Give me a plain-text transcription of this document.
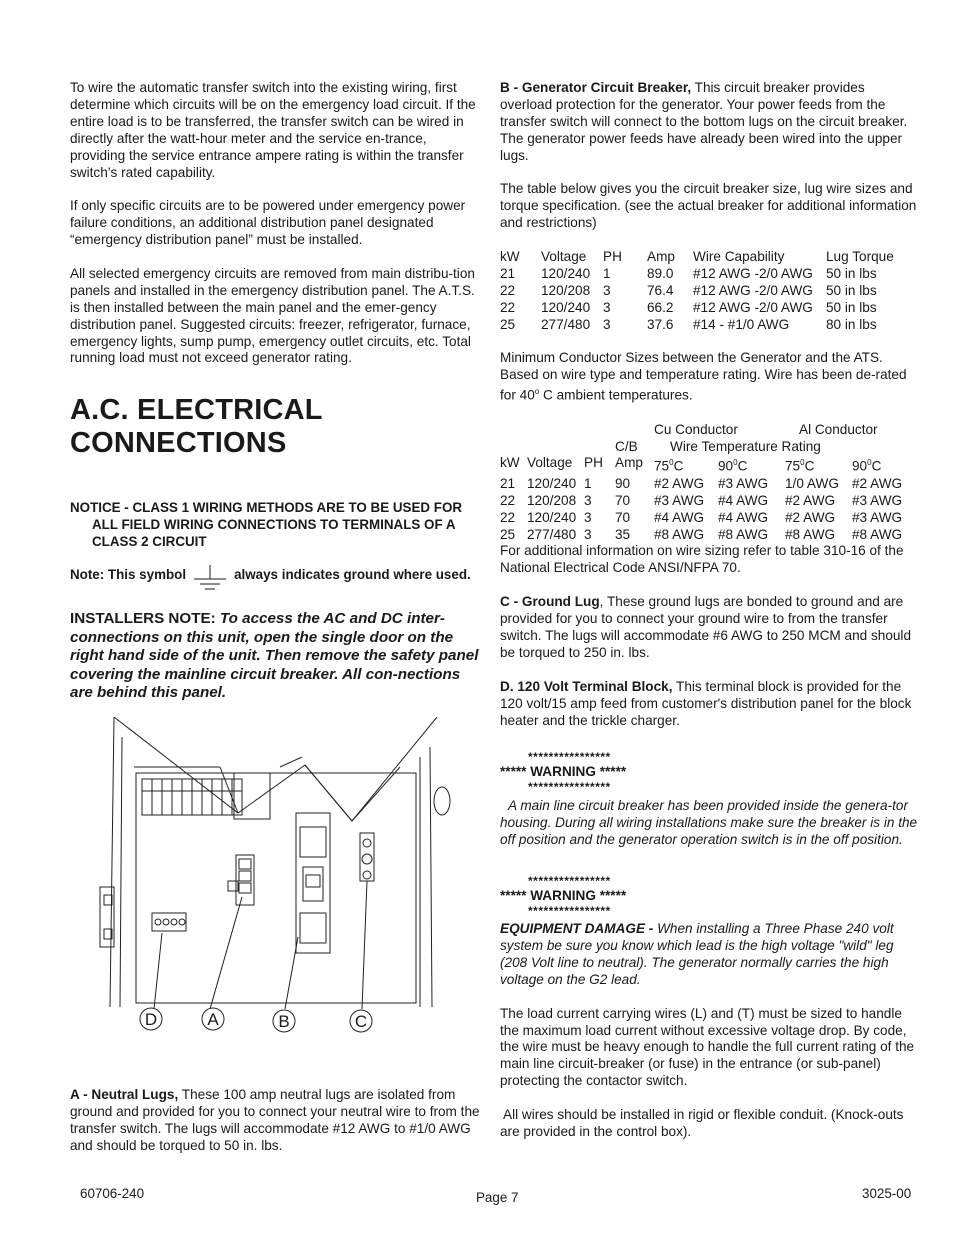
To wire the automatic transfer switch into the existing wiring, first determine which circuits will be on the emergency load circuit. If the entire load is to be transferred, the transfer switch can be wired in directly after the watt-hour meter and the service en-trance, providing the service entrance ampere rating is within the transfer switch’s rated capability.

If only specific circuits are to be powered under emergency power failure conditions, an additional distribution panel designated “emergency distribution panel” must be installed.

All selected emergency circuits are removed from main distribu-tion panels and installed in the emergency distribution panel. The A.T.S. is then installed between the main panel and the emer-gency distribution panel. Suggested circuits: freezer, refrigerator, furnace, emergency lights, sump pump, emergency outlet circuits, etc. Total running load must not exceed generator rating.

A.C. ELECTRICAL
CONNECTIONS

NOTICE - CLASS 1 WIRING METHODS ARE TO BE USED FOR ALL FIELD WIRING CONNECTIONS TO TERMINALS OF A CLASS 2 CIRCUIT

Note: This symbol	always indicates ground where used.

INSTALLERS NOTE: To access the AC and DC inter-connections on this unit, open the single door on the right hand side of the unit. Then remove the safety panel covering the mainline circuit breaker. All con-nections are behind this panel.

D	A	B	C

A - Neutral Lugs, These 100 amp neutral lugs are isolated from ground and provided for you to connect your neutral wire to from the transfer switch. The lugs will accommodate #12 AWG to #1/0 AWG and should be torqued to 50 in. lbs.

B - Generator Circuit Breaker, This circuit breaker provides overload protection for the generator. Your power feeds from the transfer switch will connect to the bottom lugs on the circuit breaker. The generator power feeds have already been wired into the upper lugs.

The table below gives you the circuit breaker size, lug wire sizes and torque specification. (see the actual breaker for additional information and restrictions)

kW	Voltage	PH	Amp	Wire Capability	Lug Torque
21	120/240	1	89.0	#12 AWG -2/0 AWG	50 in lbs
22	120/208	3	76.4	#12 AWG -2/0 AWG	50 in lbs
22	120/240	3	66.2	#12 AWG -2/0 AWG	50 in lbs
25	277/480	3	37.6	#14 - #1/0 AWG	80 in lbs

Minimum Conductor Sizes between the Generator and the ATS. Based on wire type and temperature rating. Wire has been de-rated for 40$^o$ C ambient temperatures.

				Cu Conductor		Al Conductor	
			C/B	Wire Temperature Rating			
kW	Voltage	PH	Amp	$75^0C$	$90^0C$	$75^0C$	$90^0C$
21	120/240	1	90	#2 AWG	#3 AWG	1/0 AWG	#2 AWG
22	120/208	3	70	#3 AWG	#4 AWG	#2 AWG	#3 AWG
22	120/240	3	70	#4 AWG	#4 AWG	#2 AWG	#3 AWG
25	277/480	3	35	#8 AWG	#8 AWG	#8 AWG	#8 AWG

For additional information on wire sizing refer to table 310-16 of the National Electrical Code ANSI/NFPA 70.

C - Ground Lug, These ground lugs are bonded to ground and are provided for you to connect your ground wire to from the transfer switch. The lugs will accommodate #6 AWG to 250 MCM and should be torqued to 250 in. lbs.

D. 120 Volt Terminal Block, This terminal block is provided for the 120 volt/15 amp feed from customer's distribution panel for the block heater and the trickle charger.

****************
***** WARNING *****
****************

A main line circuit breaker has been provided inside the genera-tor housing. During all wiring installations make sure the breaker is in the off position and the generator operation switch is in the off position.

****************
***** WARNING *****
****************

EQUIPMENT DAMAGE - When installing a Three Phase 240 volt system be sure you know which lead is the high voltage "wild" leg (208 Volt line to neutral). The generator normally carries the high voltage on the G2 lead.

The load current carrying wires (L) and (T) must be sized to handle the maximum load current without excessive voltage drop. By code, the wire must be heavy enough to handle the full current rating of the main line circuit-breaker (or fuse) in the entrance (or sub-panel) protecting the contactor switch.

All wires should be installed in rigid or flexible conduit. (Knock-outs are provided in the control box).

60706-240	Page 7	3025-00
